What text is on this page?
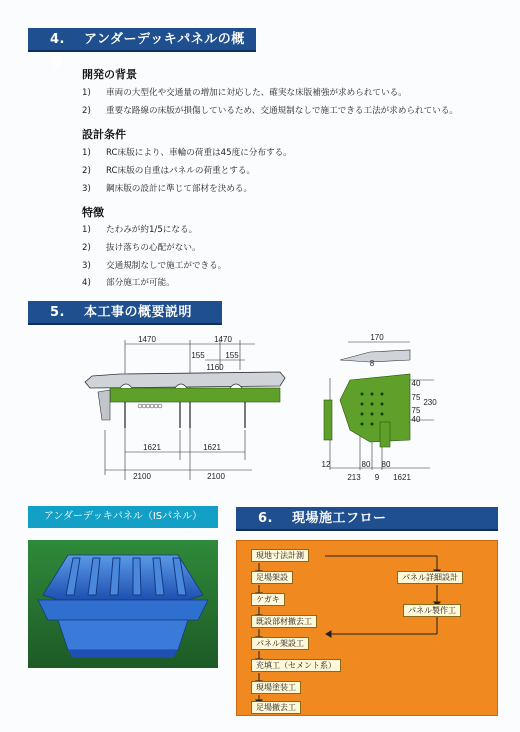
4. アンダーデッキパネルの概要
開発の背景
1) 車両の大型化や交通量の増加に対応した、確実な床版補強が求められている。
2) 重要な路線の床版が損傷しているため、交通規制なしで施工できる工法が求められている。
設計条件
1) RC床版により、車輪の荷重は45度に分布する。
2) RC床版の自重はパネルの荷重とする。
3) 鋼床版の設計に準じて部材を決める。
特徴
1) たわみが約1/5になる。
2) 抜け落ちの心配がない。
3) 交通規制なしで施工ができる。
4) 部分施工が可能。
5. 本工事の概要説明
1470	1470
155	155
1160
1621	1621
2100	2100
170
8
40
75
230
75
40
12	80 80
213 9 1621
アンダーデッキパネル（ISパネル）	6. 現場施工フロー
現地寸法計測
足場架設
ケガキ
既設部材撤去工
パネル架設工
充填工（セメント系）
現場塗装工
足場撤去工
パネル詳細設計
パネル製作工
